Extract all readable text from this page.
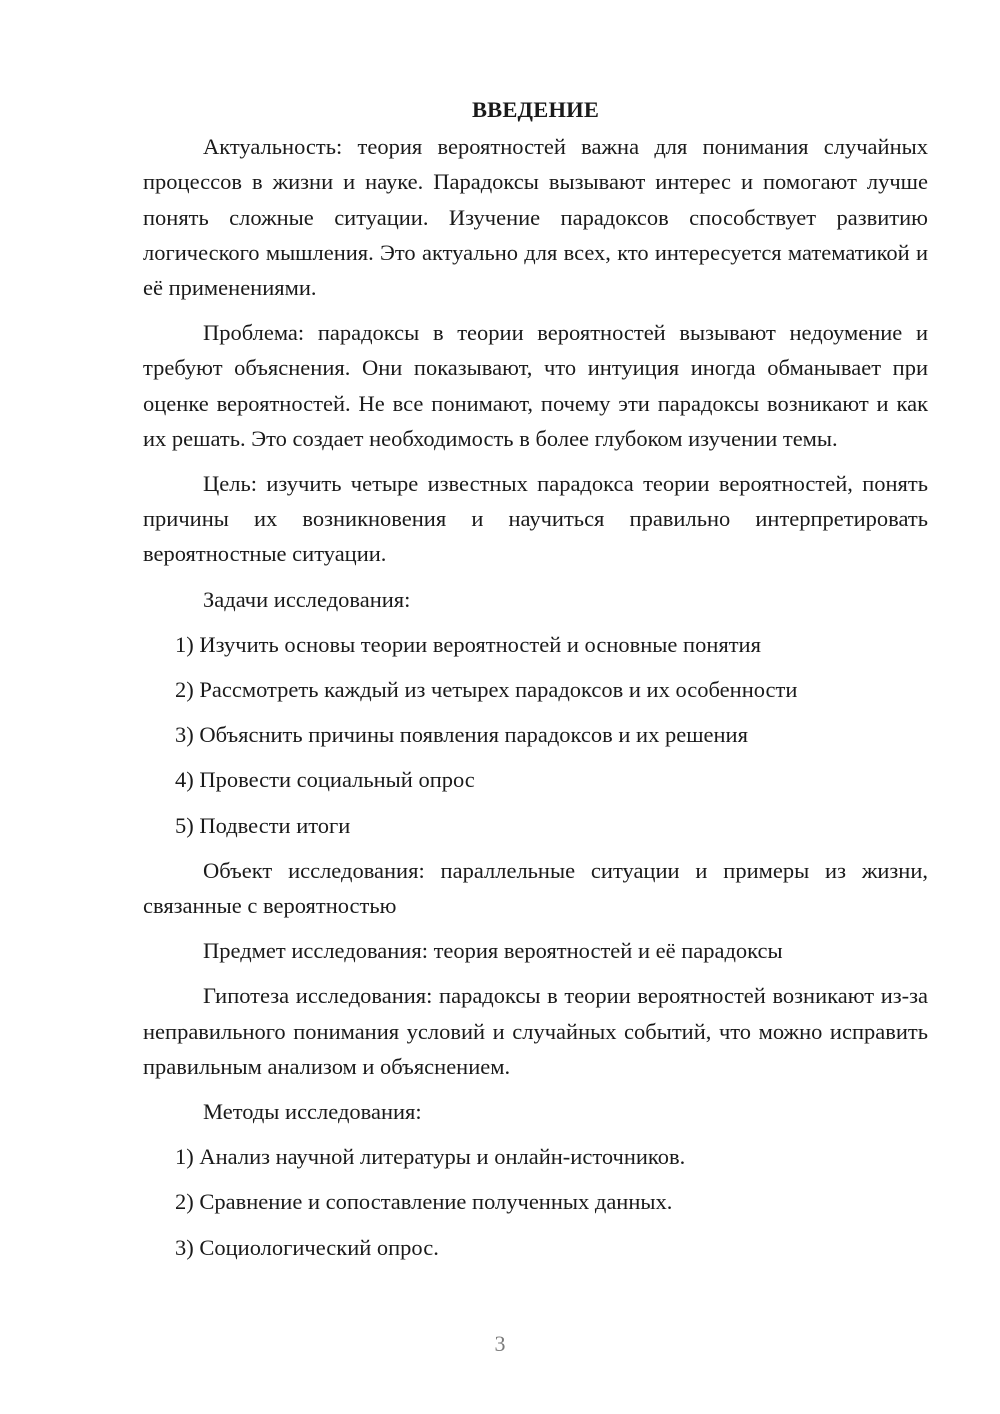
ВВЕДЕНИЕ

Актуальность: теория вероятностей важна для понимания случайных процессов в жизни и науке. Парадоксы вызывают интерес и помогают лучше понять сложные ситуации. Изучение парадоксов способствует развитию логического мышления. Это актуально для всех, кто интересуется математикой и её применениями.

Проблема: парадоксы в теории вероятностей вызывают недоумение и требуют объяснения. Они показывают, что интуиция иногда обманывает при оценке вероятностей. Не все понимают, почему эти парадоксы возникают и как их решать. Это создает необходимость в более глубоком изучении темы.

Цель: изучить четыре известных парадокса теории вероятностей, понять причины их возникновения и научиться правильно интерпретировать вероятностные ситуации.

Задачи исследования:

1) Изучить основы теории вероятностей и основные понятия
2) Рассмотреть каждый из четырех парадоксов и их особенности
3) Объяснить причины появления парадоксов и их решения
4) Провести социальный опрос
5) Подвести итоги

Объект исследования: параллельные ситуации и примеры из жизни, связанные с вероятностью

Предмет исследования: теория вероятностей и её парадоксы

Гипотеза исследования: парадоксы в теории вероятностей возникают из-за неправильного понимания условий и случайных событий, что можно исправить правильным анализом и объяснением.

Методы исследования:

1) Анализ научной литературы и онлайн-источников.
2) Сравнение и сопоставление полученных данных.
3) Социологический опрос.
3
